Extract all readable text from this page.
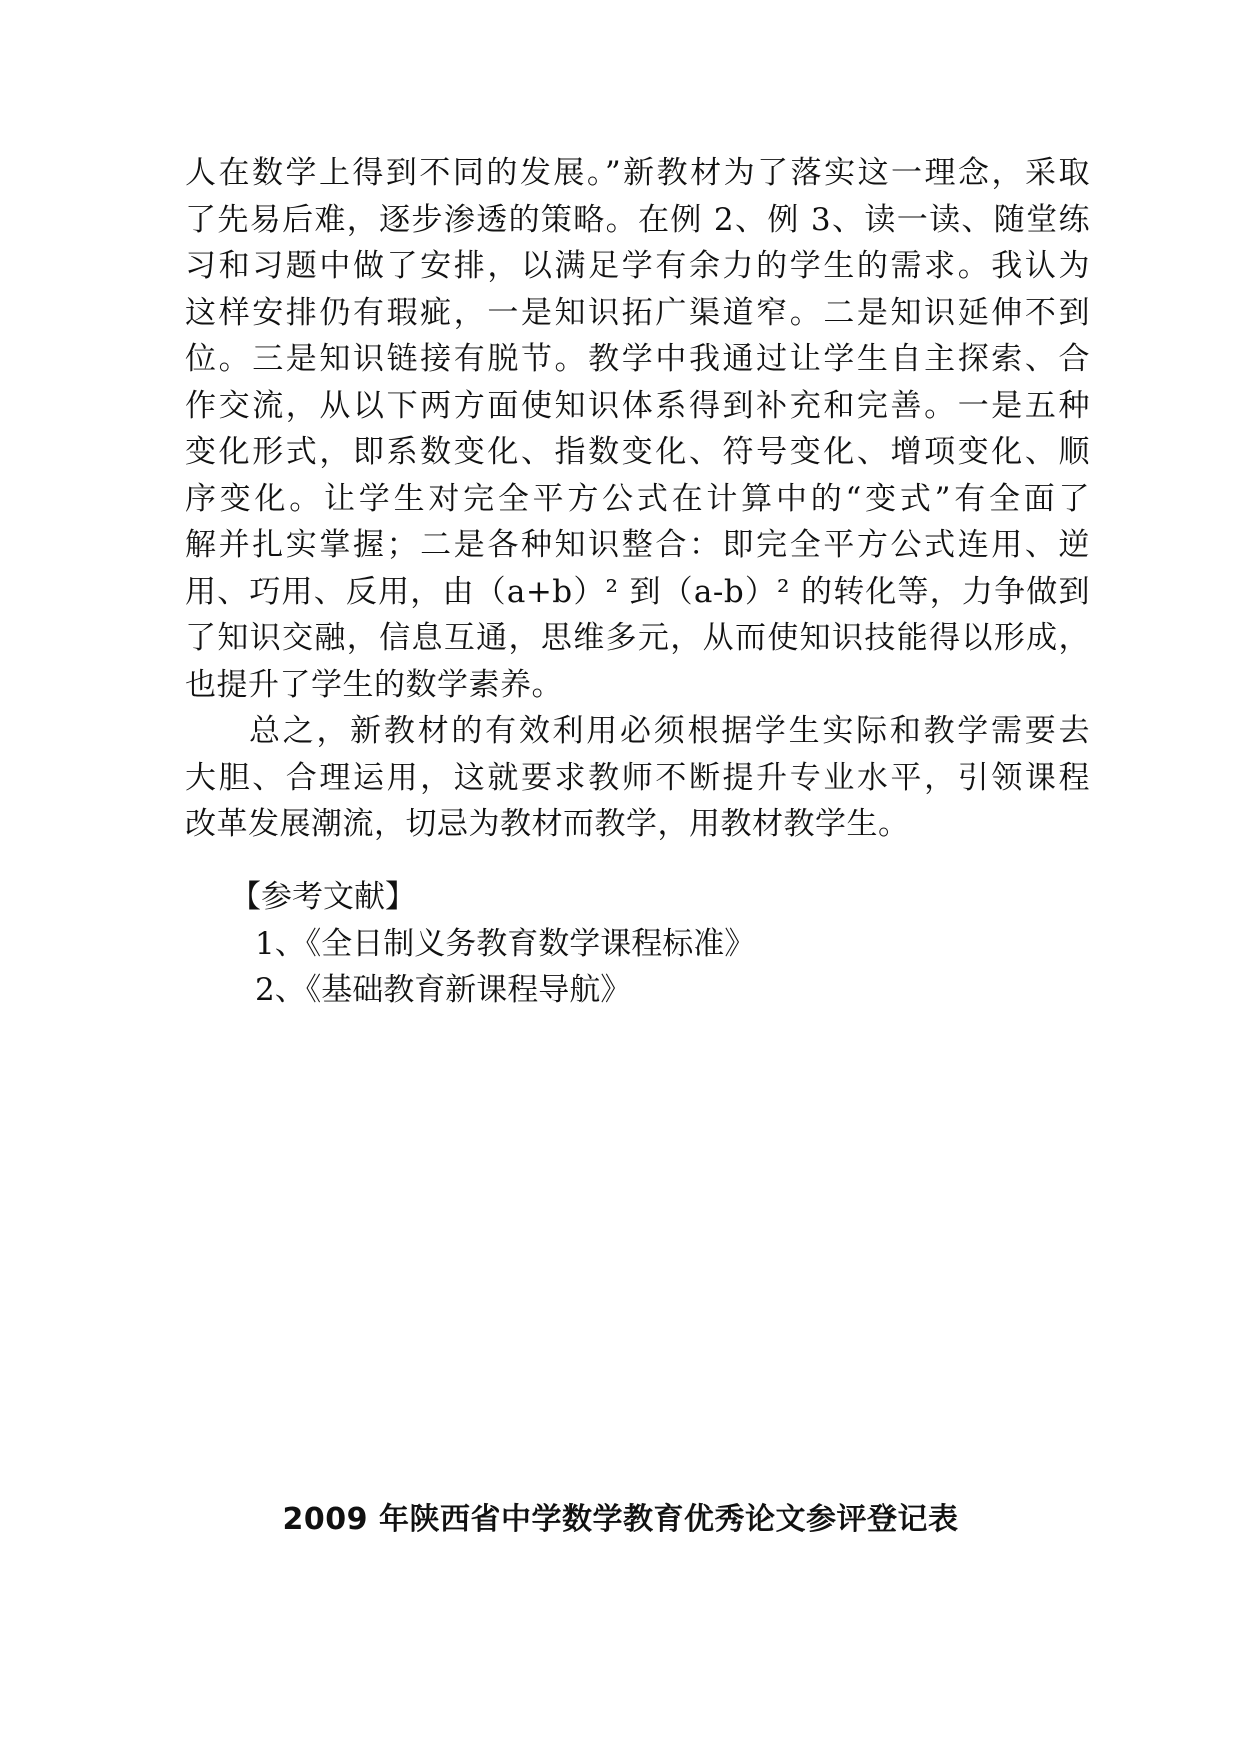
人在数学上得到不同的发展。”新教材为了落实这一理念，采取
了先易后难，逐步渗透的策略。在例 2、例 3、读一读、随堂练
习和习题中做了安排，以满足学有余力的学生的需求。我认为
这样安排仍有瑕疵，一是知识拓广渠道窄。二是知识延伸不到
位。三是知识链接有脱节。教学中我通过让学生自主探索、合
作交流，从以下两方面使知识体系得到补充和完善。一是五种
变化形式，即系数变化、指数变化、符号变化、增项变化、顺
序变化。让学生对完全平方公式在计算中的“变式”有全面了
解并扎实掌握；二是各种知识整合：即完全平方公式连用、逆
用、巧用、反用，由（a+b）² 到（a-b）² 的转化等，力争做到
了知识交融，信息互通，思维多元，从而使知识技能得以形成，
也提升了学生的数学素养。
总之，新教材的有效利用必须根据学生实际和教学需要去
大胆、合理运用，这就要求教师不断提升专业水平，引领课程
改革发展潮流，切忌为教材而教学，用教材教学生。
【参考文献】
1、《全日制义务教育数学课程标准》
2、《基础教育新课程导航》
2009 年陕西省中学数学教育优秀论文参评登记表
